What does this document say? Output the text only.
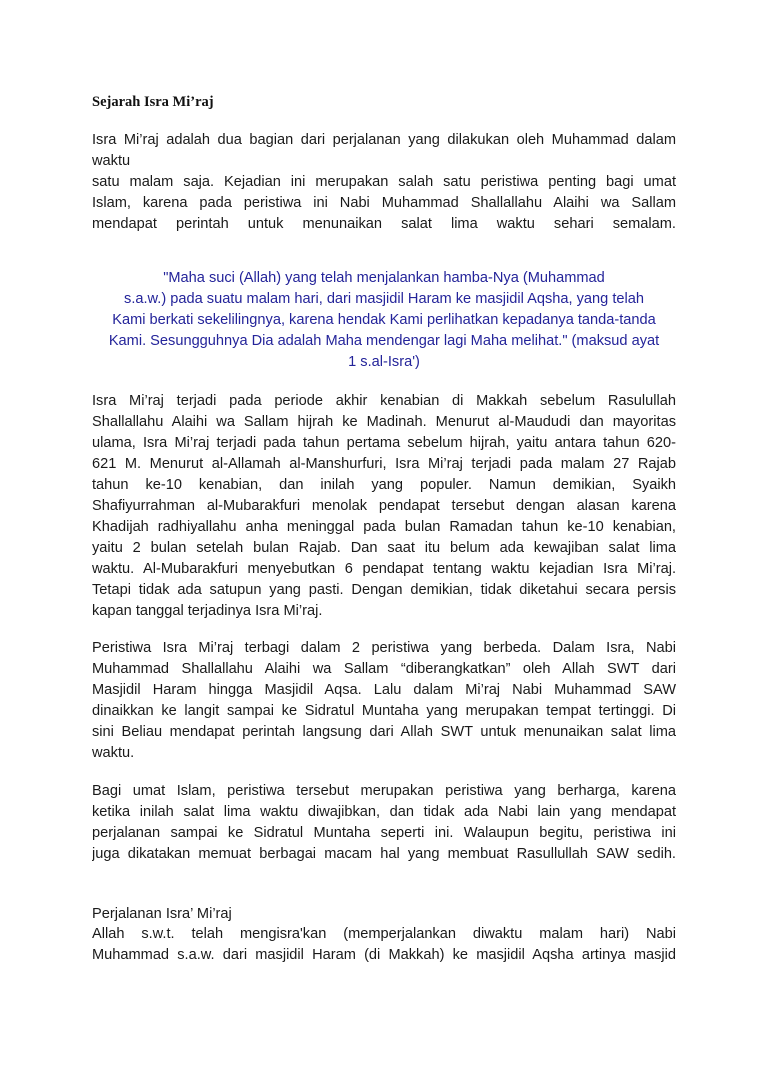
Sejarah Isra Mi’raj
Isra Mi’raj adalah dua bagian dari perjalanan yang dilakukan oleh Muhammad dalam
waktu
satu malam saja. Kejadian ini merupakan salah satu peristiwa penting bagi umat
Islam, karena pada peristiwa ini Nabi Muhammad Shallallahu Alaihi wa Sallam
mendapat perintah untuk menunaikan salat lima waktu sehari semalam.
"Maha suci (Allah) yang telah menjalankan hamba-Nya (Muhammad
s.a.w.) pada suatu malam hari, dari masjidil Haram ke masjidil Aqsha, yang telah
Kami berkati sekelilingnya, karena hendak Kami perlihatkan kepadanya tanda-tanda
Kami. Sesungguhnya Dia adalah Maha mendengar lagi Maha melihat." (maksud ayat
1 s.al-Isra')
Isra Mi’raj terjadi pada periode akhir kenabian di Makkah sebelum Rasulullah
Shallallahu Alaihi wa Sallam hijrah ke Madinah. Menurut al-Maududi dan mayoritas
ulama, Isra Mi’raj terjadi pada tahun pertama sebelum hijrah, yaitu antara tahun 620-
621 M. Menurut al-Allamah al-Manshurfuri, Isra Mi’raj terjadi pada malam 27 Rajab
tahun ke-10 kenabian, dan inilah yang populer. Namun demikian, Syaikh
Shafiyurrahman al-Mubarakfuri menolak pendapat tersebut dengan alasan karena
Khadijah radhiyallahu anha meninggal pada bulan Ramadan tahun ke-10 kenabian,
yaitu 2 bulan setelah bulan Rajab. Dan saat itu belum ada kewajiban salat lima
waktu. Al-Mubarakfuri menyebutkan 6 pendapat tentang waktu kejadian Isra Mi’raj.
Tetapi tidak ada satupun yang pasti. Dengan demikian, tidak diketahui secara persis
kapan tanggal terjadinya Isra Mi’raj.
Peristiwa Isra Mi’raj terbagi dalam 2 peristiwa yang berbeda. Dalam Isra, Nabi
Muhammad Shallallahu Alaihi wa Sallam “diberangkatkan” oleh Allah SWT dari
Masjidil Haram hingga Masjidil Aqsa. Lalu dalam Mi’raj Nabi Muhammad SAW
dinaikkan ke langit sampai ke Sidratul Muntaha yang merupakan tempat tertinggi. Di
sini Beliau mendapat perintah langsung dari Allah SWT untuk menunaikan salat lima
waktu.
Bagi umat Islam, peristiwa tersebut merupakan peristiwa yang berharga, karena
ketika inilah salat lima waktu diwajibkan, dan tidak ada Nabi lain yang mendapat
perjalanan sampai ke Sidratul Muntaha seperti ini. Walaupun begitu, peristiwa ini
juga dikatakan memuat berbagai macam hal yang membuat Rasullullah SAW sedih.
Perjalanan Isra’ Mi’raj
Allah s.w.t. telah mengisra'kan (memperjalankan diwaktu malam hari) Nabi
Muhammad s.a.w. dari masjidil Haram (di Makkah) ke masjidil Aqsha artinya masjid
